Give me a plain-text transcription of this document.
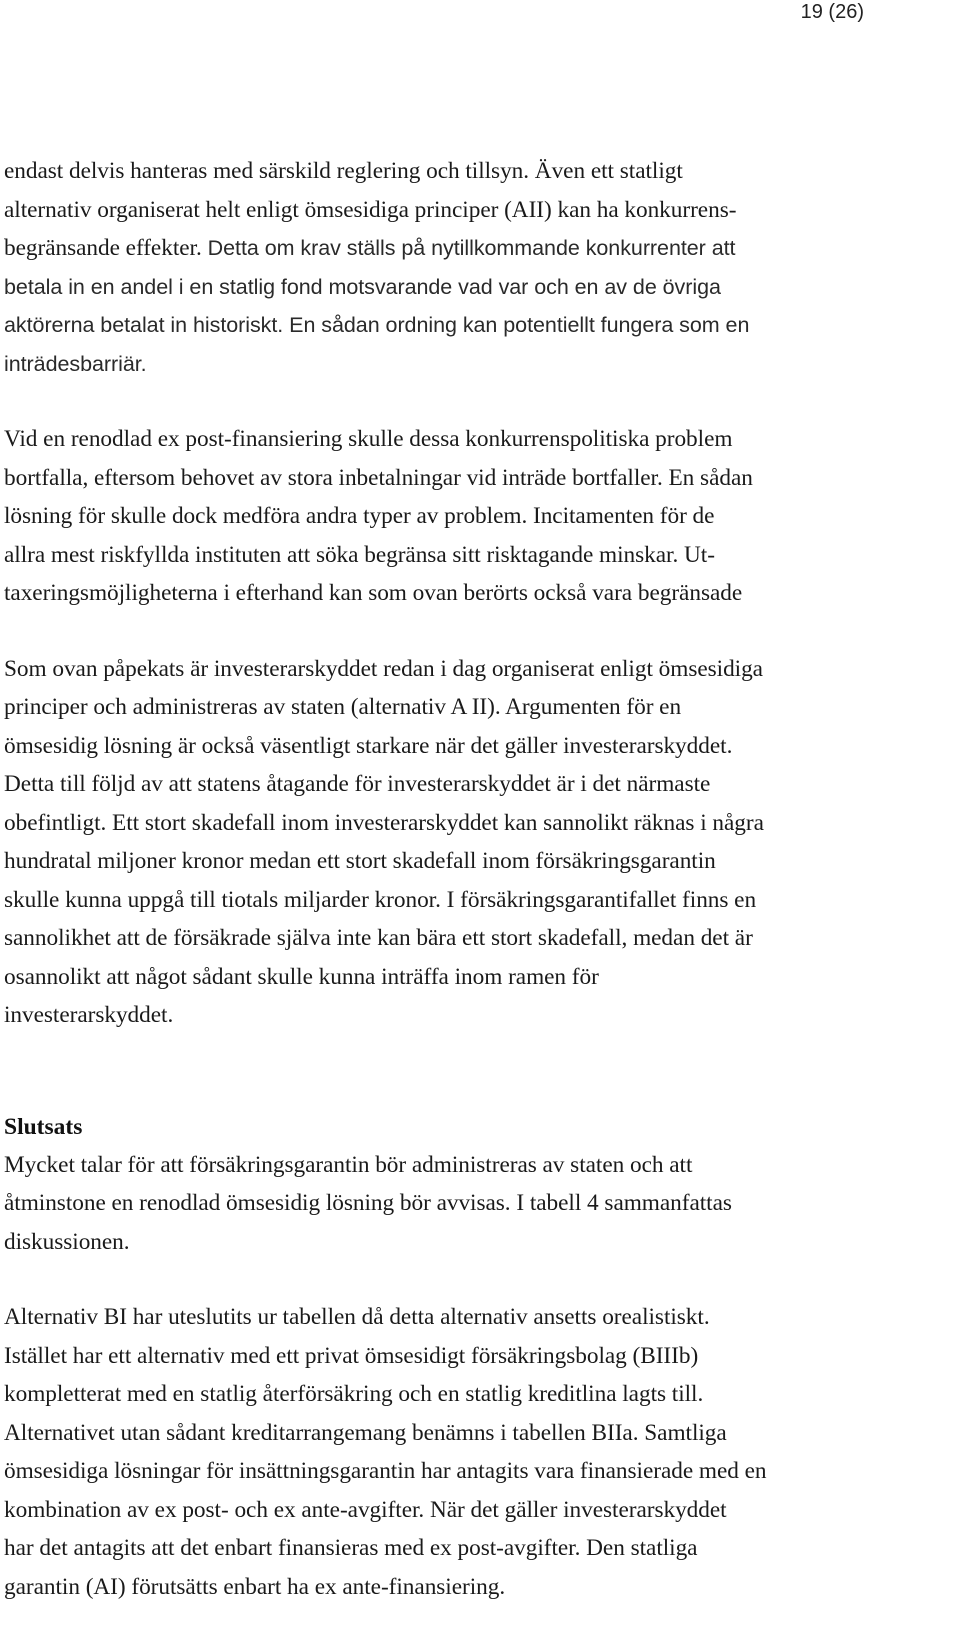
19 (26)

endast delvis hanteras med särskild reglering och tillsyn. Även ett statligt
alternativ organiserat helt enligt ömsesidiga principer (AII) kan ha konkurrens-
begränsande effekter. Detta om krav ställs på nytillkommande konkurrenter att
betala in en andel i en statlig fond motsvarande vad var och en av de övriga
aktörerna betalat in historiskt. En sådan ordning kan potentiellt fungera som en
inträdesbarriär.

Vid en renodlad ex post-finansiering skulle dessa konkurrenspolitiska problem
bortfalla, eftersom behovet av stora inbetalningar vid inträde bortfaller. En sådan
lösning för skulle dock medföra andra typer av problem. Incitamenten för de
allra mest riskfyllda instituten att söka begränsa sitt risktagande minskar. Ut-
taxeringsmöjligheterna i efterhand kan som ovan berörts också vara begränsade

Som ovan påpekats är investerarskyddet redan i dag organiserat enligt ömsesidiga
principer och administreras av staten (alternativ A II). Argumenten för en
ömsesidig lösning är också väsentligt starkare när det gäller investerarskyddet.
Detta till följd av att statens åtagande för investerarskyddet är i det närmaste
obefintligt. Ett stort skadefall inom investerarskyddet kan sannolikt räknas i några
hundratal miljoner kronor medan ett stort skadefall inom försäkringsgarantin
skulle kunna uppgå till tiotals miljarder kronor. I försäkringsgarantifallet finns en
sannolikhet att de försäkrade själva inte kan bära ett stort skadefall, medan det är
osannolikt att något sådant skulle kunna inträffa inom ramen för
investerarskyddet.

Slutsats

Mycket talar för att försäkringsgarantin bör administreras av staten och att
åtminstone en renodlad ömsesidig lösning bör avvisas. I tabell 4 sammanfattas
diskussionen.

Alternativ BI har uteslutits ur tabellen då detta alternativ ansetts orealistiskt.
Istället har ett alternativ med ett privat ömsesidigt försäkringsbolag (BIIIb)
kompletterat med en statlig återförsäkring och en statlig kreditlina lagts till.
Alternativet utan sådant kreditarrangemang benämns i tabellen BIIa. Samtliga
ömsesidiga lösningar för insättningsgarantin har antagits vara finansierade med en
kombination av ex post- och ex ante-avgifter. När det gäller investerarskyddet
har det antagits att det enbart finansieras med ex post-avgifter. Den statliga
garantin (AI) förutsätts enbart ha ex ante-finansiering.
